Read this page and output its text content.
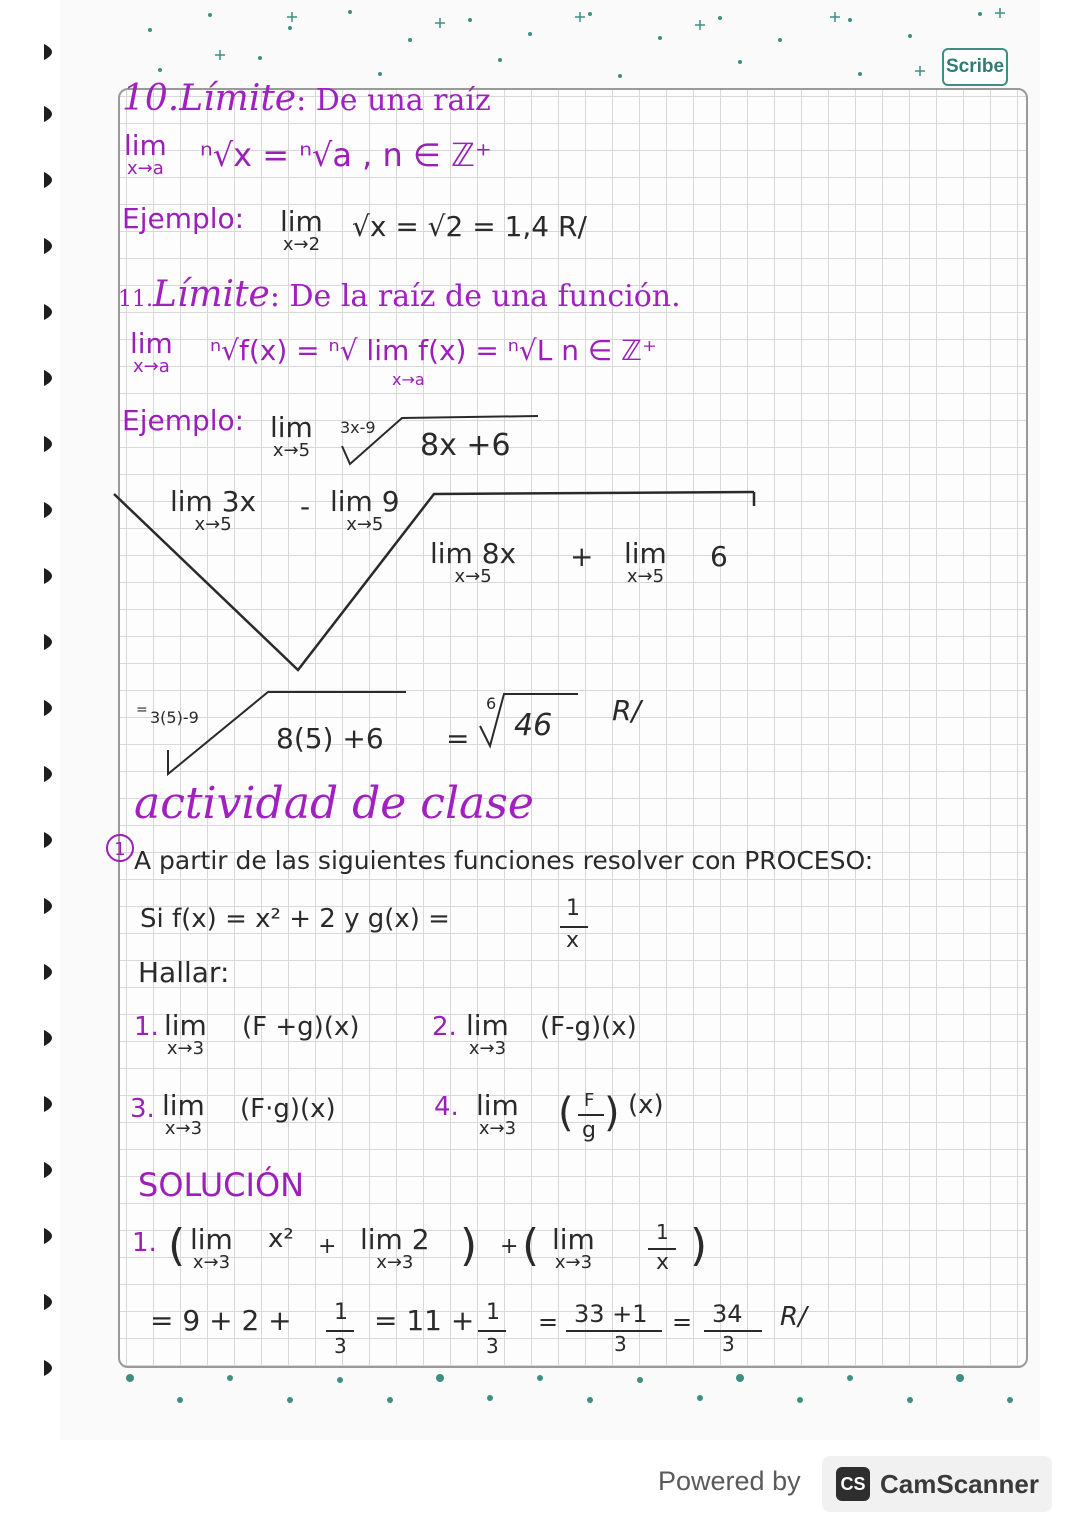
Scribe
10.Límite: De una raíz
lim
x→a ⁿ√x = ⁿ√a , n ∈ ℤ⁺
Ejemplo: lim
x→2
√x = √2 = 1,4 R/
11.Límite: De la raíz de una función.
lim
x→a ⁿ√f(x) = ⁿ√ lim f(x) = ⁿ√L n ∈ ℤ⁺
x→a
Ejemplo: lim
x→5
3x-9
8x +6
lim 3x
x→5
- lim 9
x→5
lim 8x
x→5
+ lim
x→5
6
= 3(5)-9
8(5) +6 =
6
46 R/
actividad de clase
1 A partir de las siguientes funciones resolver con PROCESO:
Si f(x) = x² + 2 y g(x) =	1
x
Hallar:
1. lim
x→3
(F +g)(x)	2. lim
x→3
(F-g)(x)
3. lim
x→3
(F·g)(x)	4. lim
x→3 ( F
g ) (x)
SOLUCIÓN
1. ( lim
x→3
x² + lim 2
x→3 ) + ( lim
x→3
1
x )
= 9 + 2 + 1
3
= 11 + 1
3
= 33 +1
3
= 34
3
R/
Powered by CS CamScanner
